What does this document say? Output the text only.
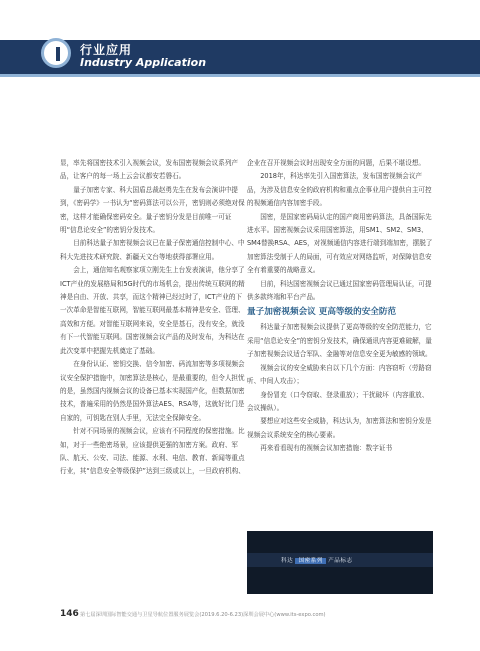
行业应用
Industry Application

显，率先将国密技术引入视频会议，发布国密视频会议系列产品，让客户的每一场上云会议都安若磐石。

量子加密专家、科大国盾总裁赵勇先生在发布会演讲中提到，《密码学》一书认为“密码算法可以公开，密钥则必须绝对保密，这样才能确保密码安全。量子密钥分发是目前唯一可证明“信息论安全”的密钥分发技术。

目前科达量子加密视频会议已在量子保密通信控制中心、中科大先进技术研究院、新疆天文台等地获得部署应用。

会上，通信知名观察家项立刚先生上台发表演讲，他分享了ICT产业的发展格局和5G时代的市场机会，提出传统互联网的精神是自由、开放、共享，而这个精神已经过时了，ICT产业的下一次革命是智能互联网，智能互联网最基本精神是安全、管理、高效和方便。对智能互联网来说，安全是基石，没有安全，就没有下一代智能互联网。国密视频会议产品的及时发布，为科达在此次变革中把握先机奠定了基础。

在身份认证、密钥交换、信令加密、码流加密等多项视频会议安全保护措施中，加密算法是核心，是最重要的，但令人担忧的是，虽然国内视频会议的设备已基本实现国产化，但数据加密技术，普遍采用的仍然是国外算法AES、RSA等，这就好比门是自家的，可钥匙在别人手里，无法完全保障安全。

针对不同场景的视频会议，应该有不同程度的保密措施。比如，对于一些绝密场景，应该提供更强的加密方案。政府、军队、航天、公安、司法、能源、水利、电信、教育、新闻等重点行业，其“信息安全等级保护”达到三级或以上，一旦政府机构、

企业在召开视频会议时出现安全方面的问题，后果不堪设想。

2018年，科达率先引入国密算法，发布国密视频会议产品，为涉及信息安全的政府机构和重点企事业用户提供自主可控的视频通信内容加密手段。

国密，是国家密码局认定的国产商用密码算法，具备国际先进水平。国密视频会议采用国密算法，用SM1、SM2、SM3、SM4替换RSA、AES，对视频通信内容进行端到端加密，摆脱了加密算法受制于人的局面，可有效应对网络监听，对保障信息安全有着重要的战略意义。

目前，科达国密视频会议已通过国家密码管理局认证，可提供多款终端和平台产品。

量子加密视频会议 更高等级的安全防范

科达量子加密视频会议提供了更高等级的安全防范能力，它采用“信息论安全”的密钥分发技术，确保通讯内容更难破解，量子加密视频会议适合军队、金融等对信息安全更为敏感的领域。

视频会议的安全威胁来自以下几个方面：内容窃听（劳路窃听、中间人攻击）；

身份冒充（口令窃取、登录重放）；干扰破坏（内容重放、会议操纵）。

要想应对这些安全威胁，科达认为，加密算法和密钥分发是视频会议系统安全的核心要素。

再来看看现有的视频会议加密措施：数字证书

科达 国密系列 产品标志
146 第七届深圳国际智能交通与卫星导航位置服务展览会(2019.6.20-6.23)深圳会展中心(www.its-expo.com)
